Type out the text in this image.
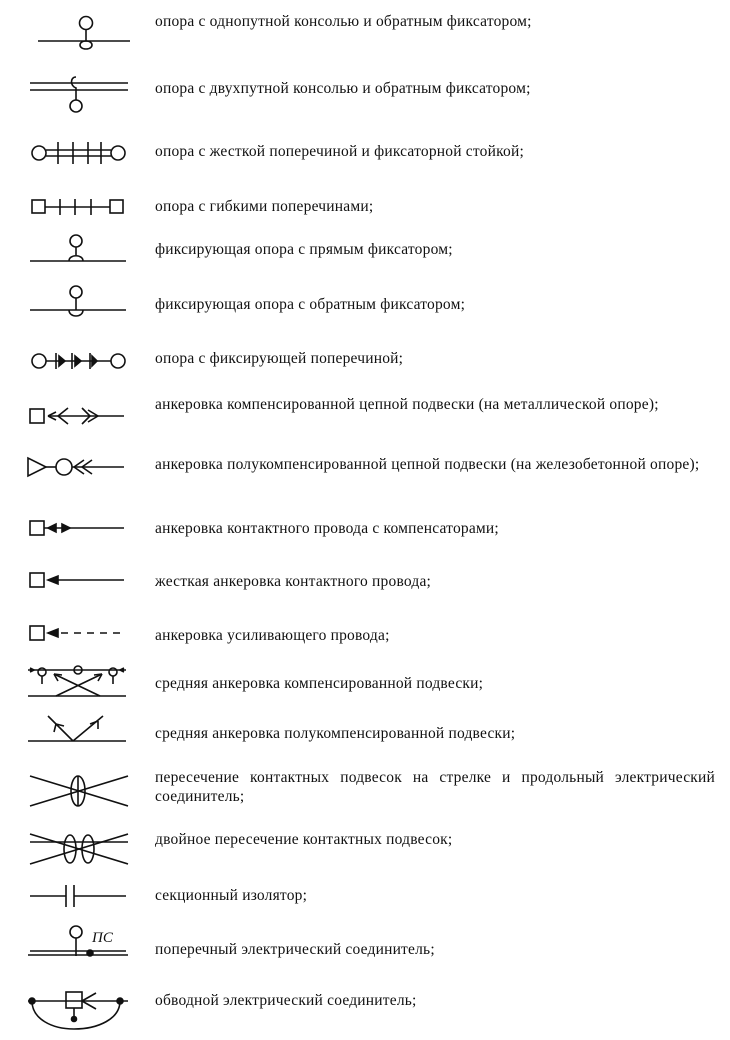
опора с однопутной консолью и обратным фиксатором;
опора с двухпутной консолью и обратным фиксатором;
опора с жесткой поперечиной и фиксаторной стойкой;
опора с гибкими поперечинами;
фиксирующая опора с прямым фиксатором;
фиксирующая опора с обратным фиксатором;
опора с фиксирующей поперечиной;
анкеровка компенсированной цепной подвески (на металлической опоре);
анкеровка полукомпенсированной цепной подвески (на железобетонной опоре);
анкеровка контактного провода с компенсаторами;
жесткая анкеровка контактного провода;
анкеровка усиливающего провода;
средняя анкеровка компенсированной подвески;
средняя анкеровка полукомпенсированной подвески;
пересечение контактных подвесок на стрелке и продольный электрический соединитель;
двойное пересечение контактных подвесок;
секционный изолятор;
ПС
поперечный электрический соединитель;
обводной электрический соединитель;
